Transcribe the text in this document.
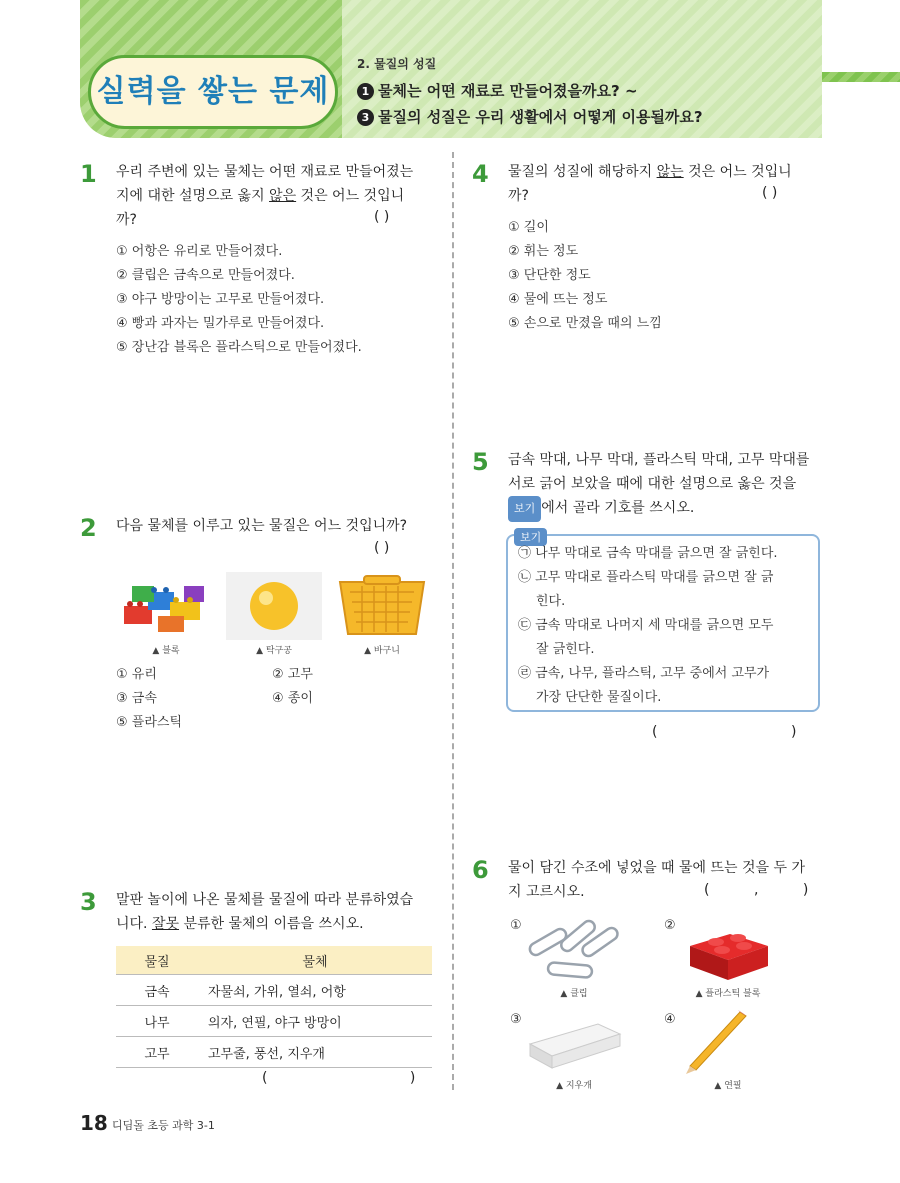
실력을 쌓는 문제
2. 물질의 성질
1 물체는 어떤 재료로 만들어졌을까요? ~
3 물질의 성질은 우리 생활에서 어떻게 이용될까요?
1 우리 주변에 있는 물체는 어떤 재료로 만들어졌는
지에 대한 설명으로 옳지 않은 것은 어느 것입니
까?	( )
① 어항은 유리로 만들어졌다.
② 클립은 금속으로 만들어졌다.
③ 야구 방망이는 고무로 만들어졌다.
④ 빵과 과자는 밀가루로 만들어졌다.
⑤ 장난감 블록은 플라스틱으로 만들어졌다.
2 다음 물체를 이루고 있는 물질은 어느 것입니까?
( )
▲ 블록	▲ 탁구공	▲ 바구니
① 유리	② 고무
③ 금속	④ 종이
⑤ 플라스틱
3 말판 놀이에 나온 물체를 물질에 따라 분류하였습
니다. 잘못 분류한 물체의 이름을 쓰시오.
물질	물체
금속	자물쇠, 가위, 열쇠, 어항
나무	의자, 연필, 야구 방망이
고무	고무줄, 풍선, 지우개
(                                )
4 물질의 성질에 해당하지 않는 것은 어느 것입니
까?	( )
① 길이
② 휘는 정도
③ 단단한 정도
④ 물에 뜨는 정도
⑤ 손으로 만졌을 때의 느낌
5 금속 막대, 나무 막대, 플라스틱 막대, 고무 막대를
서로 긁어 보았을 때에 대한 설명으로 옳은 것을
보기 에서 골라 기호를 쓰시오.
보기
㉠ 나무 막대로 금속 막대를 긁으면 잘 긁힌다.
㉡ 고무 막대로 플라스틱 막대를 긁으면 잘 긁
힌다.
㉢ 금속 막대로 나머지 세 막대를 긁으면 모두
잘 긁힌다.
㉣ 금속, 나무, 플라스틱, 고무 중에서 고무가
가장 단단한 물질이다.
(                              )
6 물이 담긴 수조에 넣었을 때 물에 뜨는 것을 두 가
지 고르시오.	(          ,          )
①	②
③	④
▲ 클립	▲ 플라스틱 블록
▲ 지우개	▲ 연필
18 디딤돌 초등 과학 3-1
